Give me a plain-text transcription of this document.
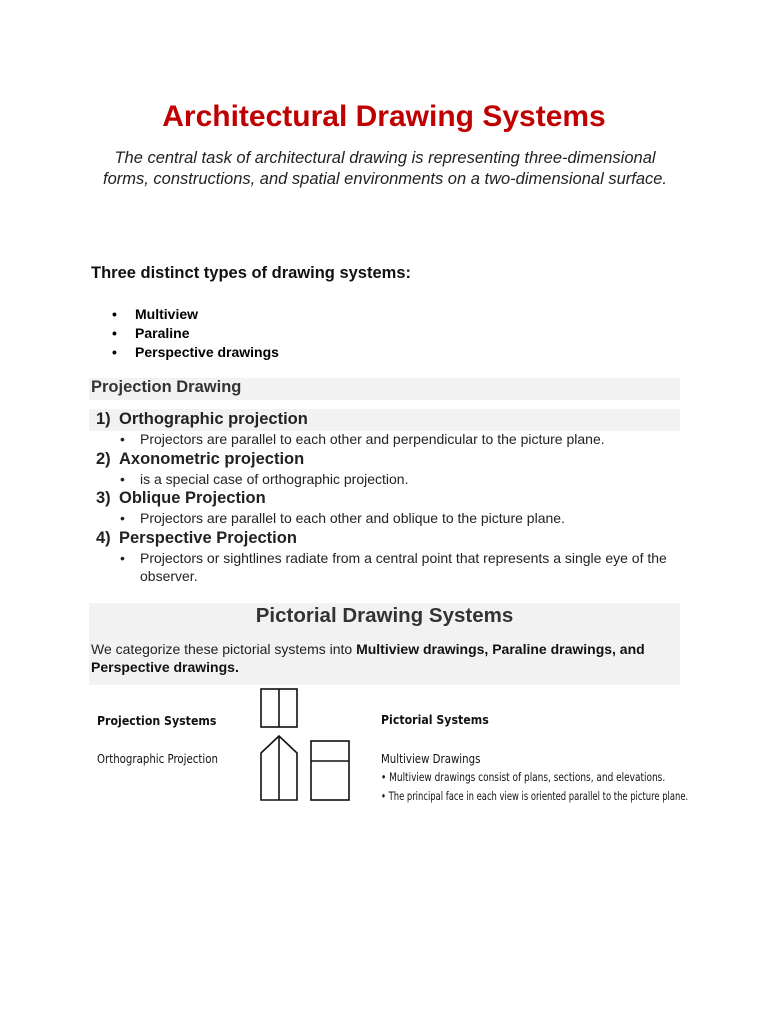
Architectural Drawing Systems
The central task of architectural drawing is representing three-dimensional forms, constructions, and spatial environments on a two-dimensional surface.
Three distinct types of drawing systems:
• Multiview
• Paraline
• Perspective drawings
Projection Drawing
1) Orthographic projection
• Projectors are parallel to each other and perpendicular to the picture plane.
2) Axonometric projection
• is a special case of orthographic projection.
3) Oblique Projection
• Projectors are parallel to each other and oblique to the picture plane.
4) Perspective Projection
• Projectors or sightlines radiate from a central point that represents a single eye of the observer.
Pictorial Drawing Systems
We categorize these pictorial systems into Multiview drawings, Paraline drawings, and Perspective drawings.
Projection Systems
Orthographic Projection
Pictorial Systems
Multiview Drawings
• Multiview drawings consist of plans, sections, and elevations.
• The principal face in each view is oriented parallel to the picture plane.
